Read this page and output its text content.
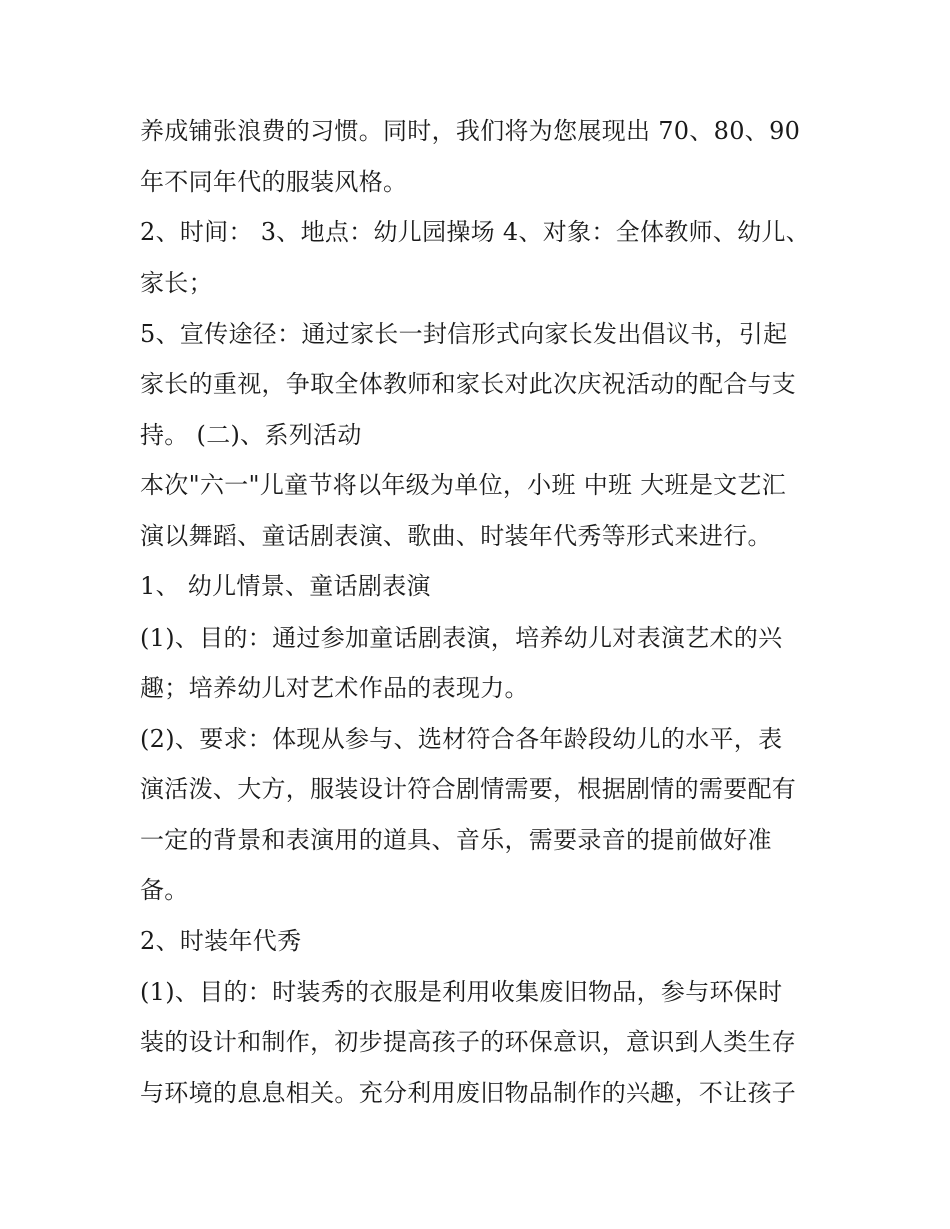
养成铺张浪费的习惯。同时，我们将为您展现出 70、80、90
年不同年代的服装风格。
2、时间： 3、地点：幼儿园操场 4、对象：全体教师、幼儿、
家长；
5、宣传途径：通过家长一封信形式向家长发出倡议书，引起
家长的重视，争取全体教师和家长对此次庆祝活动的配合与支
持。 (二)、系列活动
本次"六一"儿童节将以年级为单位，小班 中班 大班是文艺汇
演以舞蹈、童话剧表演、歌曲、时装年代秀等形式来进行。
1、 幼儿情景、童话剧表演
(1)、目的：通过参加童话剧表演，培养幼儿对表演艺术的兴
趣；培养幼儿对艺术作品的表现力。
(2)、要求：体现从参与、选材符合各年龄段幼儿的水平，表
演活泼、大方，服装设计符合剧情需要，根据剧情的需要配有
一定的背景和表演用的道具、音乐，需要录音的提前做好准
备。
2、时装年代秀
(1)、目的：时装秀的衣服是利用收集废旧物品，参与环保时
装的设计和制作，初步提高孩子的环保意识，意识到人类生存
与环境的息息相关。充分利用废旧物品制作的兴趣，不让孩子
